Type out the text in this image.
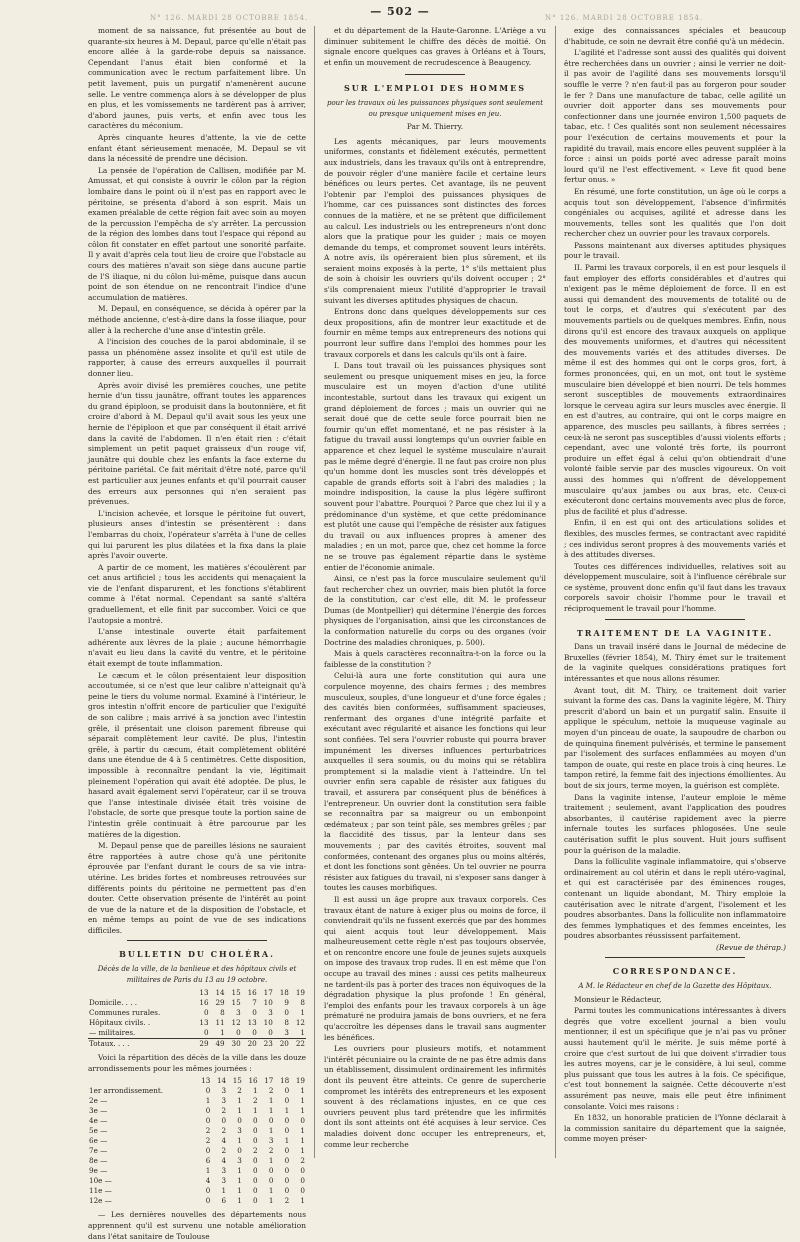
N° 126. MARDI 28 OCTOBRE 1854.	— 502 —	N° 126. MARDI 28 OCTOBRE 1854.

moment de sa naissance, fut présentée au bout de quarante-six heures à M. Depaul, parce qu'elle n'était pas encore allée à la garde-robe depuis sa naissance. Cependant l'anus était bien conformé et la communication avec le rectum parfaitement libre. Un petit lavement, puis un purgatif n'amenèrent aucune selle. Le ventre commença alors à se développer de plus en plus, et les vomissements ne tardèrent pas à arriver, d'abord jaunes, puis verts, et enfin avec tous les caractères du méconium.

Après cinquante heures d'attente, la vie de cette enfant étant sérieusement menacée, M. Depaul se vit dans la nécessité de prendre une décision.

La pensée de l'opération de Callisen, modifiée par M. Amussat, et qui consiste à ouvrir le côlon par la région lombaire dans le point où il n'est pas en rapport avec le péritoine, se présenta d'abord à son esprit. Mais un examen préalable de cette région fait avec soin au moyen de la percussion l'empêcha de s'y arrêter. La percussion de la région des lombes dans tout l'espace qui répond au côlon fit constater en effet partout une sonorité parfaite. Il y avait d'après cela tout lieu de croire que l'obstacle au cours des matières n'avait son siège dans aucune partie de l'S iliaque, ni du côlon lui-même, puisque dans aucun point de son étendue on ne rencontrait l'indice d'une accumulation de matières.

M. Depaul, en conséquence, se décida à opérer par la méthode ancienne, c'est-à-dire dans la fosse iliaque, pour aller à la recherche d'une anse d'intestin grêle.

A l'incision des couches de la paroi abdominale, il se passa un phénomène assez insolite et qu'il est utile de rapporter, à cause des erreurs auxquelles il pourrait donner lieu.

Après avoir divisé les premières couches, une petite hernie d'un tissu jaunâtre, offrant toutes les apparences du grand épiploon, se produisit dans la boutonnière, et fit croire d'abord à M. Depaul qu'il avait sous les yeux une hernie de l'épiploon et que par conséquent il était arrivé dans la cavité de l'abdomen. Il n'en était rien : c'était simplement un petit paquet graisseux d'un rouge vif, jaunâtre qui double chez les enfants la face externe du péritoine pariétal. Ce fait méritait d'être noté, parce qu'il est particulier aux jeunes enfants et qu'il pourrait causer des erreurs aux personnes qui n'en seraient pas prévenues.

L'incision achevée, et lorsque le péritoine fut ouvert, plusieurs anses d'intestin se présentèrent : dans l'embarras du choix, l'opérateur s'arrêta à l'une de celles qui lui parurent les plus dilatées et la fixa dans la plaie après l'avoir ouverte.

A partir de ce moment, les matières s'écoulèrent par cet anus artificiel ; tous les accidents qui menaçaient la vie de l'enfant disparurent, et les fonctions s'établirent comme à l'état normal. Cependant sa santé s'altéra graduellement, et elle finit par succomber. Voici ce que l'autopsie a montré.

L'anse intestinale ouverte était parfaitement adhérente aux lèvres de la plaie ; aucune hémorrhagie n'avait eu lieu dans la cavité du ventre, et le péritoine était exempt de toute inflammation.

Le cæcum et le côlon présentaient leur disposition accoutumée, si ce n'est que leur calibre n'atteignait qu'à peine le tiers du volume normal. Examiné à l'intérieur, le gros intestin n'offrit encore de particulier que l'exiguïté de son calibre ; mais arrivé à sa jonction avec l'intestin grêle, il présentait une cloison parement fibreuse qui séparait complètement leur cavité. De plus, l'intestin grêle, à partir du cæcum, était complètement oblitéré dans une étendue de 4 à 5 centimètres. Cette disposition, impossible à reconnaître pendant la vie, légitimait pleinement l'opération qui avait été adoptée. De plus, le hasard avait également servi l'opérateur, car il se trouva que l'anse intestinale divisée était très voisine de l'obstacle, de sorte que presque toute la portion saine de l'intestin grêle continuait à être parcourue par les matières de la digestion.

M. Depaul pense que de pareilles lésions ne sauraient être rapportées à autre chose qu'à une péritonite éprouvée par l'enfant durant le cours de sa vie intra-utérine. Les brides fortes et nombreuses retrouvées sur différents points du péritoine ne permettent pas d'en douter. Cette observation présente de l'intérêt au point de vue de la nature et de la disposition de l'obstacle, et en même temps au point de vue de ses indications difficiles.

BULLETIN DU CHOLÉRA.
Décès de la ville, de la banlieue et des hôpitaux civils et militaires de Paris du 13 au 19 octobre.
	13	14	15	16	17	18	19
Domicile. . . .	16	29	15	7	10	9	8
Communes rurales.	0	8	3	0	3	0	1
Hôpitaux civils. .	13	11	12	13	10	8	12
— militaires.	0	1	0	0	0	3	1
Totaux. . . .	29	49	30	20	23	20	22

Voici la répartition des décès de la ville dans les douze arrondissements pour les mêmes journées :

	13	14	15	16	17	18	19
1er arrondissement.	0	3	2	1	2	0	1
2e —	1	3	1	2	1	0	1
3e —	0	2	1	1	1	1	1
4e —	0	0	0	0	0	0	0
5e —	2	2	3	0	1	0	1
6e —	2	4	1	0	3	1	1
7e —	0	2	0	2	2	0	1
8e —	6	4	3	0	1	0	2
9e —	1	3	1	0	0	0	0
10e —	4	3	1	0	0	0	0
11e —	0	1	1	0	1	0	0
12e —	0	6	1	0	1	2	1

— Les dernières nouvelles des départements nous apprennent qu'il est survenu une notable amélioration dans l'état sanitaire de Toulouse

et du département de la Haute-Garonne. L'Ariège a vu diminuer subitement le chiffre des décès de moitié. On signale encore quelques cas graves à Orléans et à Tours, et enfin un mouvement de recrudescence à Beaugency.

SUR L'EMPLOI DES HOMMES
pour les travaux où les puissances physiques sont seulement ou presque uniquement mises en jeu.
Par M. Thierry.

Les agents mécaniques, par leurs mouvements uniformes, constants et fidèlement exécutés, permettent aux industriels, dans les travaux qu'ils ont à entreprendre, de pouvoir régler d'une manière facile et certaine leurs bénéfices ou leurs pertes. Cet avantage, ils ne peuvent l'obtenir par l'emploi des puissances physiques de l'homme, car ces puissances sont distinctes des forces connues de la matière, et ne se prêtent que difficilement au calcul. Les industriels ou les entrepreneurs n'ont donc alors que la pratique pour les guider ; mais ce moyen demande du temps, et compromet souvent leurs intérêts. A notre avis, ils opéreraient bien plus sûrement, et ils seraient moins exposés à la perte, 1° s'ils mettaient plus de soin à choisir les ouvriers qu'ils doivent occuper ; 2° s'ils comprenaient mieux l'utilité d'approprier le travail suivant les diverses aptitudes physiques de chacun.

Entrons donc dans quelques développements sur ces deux propositions, afin de montrer leur exactitude et de fournir en même temps aux entrepreneurs des notions qui pourront leur suffire dans l'emploi des hommes pour les travaux corporels et dans les calculs qu'ils ont à faire.

I. Dans tout travail où les puissances physiques sont seulement ou presque uniquement mises en jeu, la force musculaire est un moyen d'action d'une utilité incontestable, surtout dans les travaux qui exigent un grand déploiement de forces ; mais un ouvrier qui ne serait doué que de cette seule force pourrait bien ne fournir qu'un effet momentané, et ne pas résister à la fatigue du travail aussi longtemps qu'un ouvrier faible en apparence et chez lequel le système musculaire n'aurait pas le même degré d'énergie. Il ne faut pas croire non plus qu'un homme dont les muscles sont très développés et capable de grands efforts soit à l'abri des maladies ; la moindre indisposition, la cause la plus légère suffiront souvent pour l'abattre. Pourquoi ? Parce que chez lui il y a prédominance d'un système, et que cette prédominance est plutôt une cause qui l'empêche de résister aux fatigues du travail ou aux influences propres à amener des maladies ; en un mot, parce que, chez cet homme la force ne se trouve pas également répartie dans le système entier de l'économie animale.

Ainsi, ce n'est pas la force musculaire seulement qu'il faut rechercher chez un ouvrier, mais bien plutôt la force de la constitution, car c'est elle, dit M. le professeur Dumas (de Montpellier) qui détermine l'énergie des forces physiques de l'organisation, ainsi que les circonstances de la conformation naturelle du corps ou des organes (voir Doctrine des maladies chroniques, p. 500).

Mais à quels caractères reconnaîtra-t-on la force ou la faiblesse de la constitution ?

Celui-là aura une forte constitution qui aura une corpulence moyenne, des chairs fermes ; des membres musculeux, souples, d'une longueur et d'une force égales ; des cavités bien conformées, suffisamment spacieuses, renfermant des organes d'une intégrité parfaite et exécutant avec régularité et aisance les fonctions qui leur sont confiées. Tel sera l'ouvrier robuste qui pourra braver impunément les diverses influences perturbatrices auxquelles il sera soumis, ou du moins qui se rétablira promptement si la maladie vient à l'atteindre. Un tel ouvrier enfin sera capable de résister aux fatigues du travail, et assurera par conséquent plus de bénéfices à l'entrepreneur. Un ouvrier dont la constitution sera faible se reconnaîtra par sa maigreur ou un embonpoint œdémateux ; par son teint pâle, ses membres grêles ; par la flaccidité des tissus, par la lenteur dans ses mouvements ; par des cavités étroites, souvent mal conformées, contenant des organes plus ou moins altérés, et dont les fonctions sont gênées. Un tel ouvrier ne pourra résister aux fatigues du travail, ni s'exposer sans danger à toutes les causes morbifiques.

Il est aussi un âge propre aux travaux corporels. Ces travaux étant de nature à exiger plus ou moins de force, il conviendrait qu'ils ne fussent exercés que par des hommes qui aient acquis tout leur développement. Mais malheureusement cette règle n'est pas toujours observée, et on rencontre encore une foule de jeunes sujets auxquels on impose des travaux trop rudes. Il en est même que l'on occupe au travail des mines : aussi ces petits malheureux ne tardent-ils pas à porter des traces non équivoques de la dégradation physique la plus profonde ! En général, l'emploi des enfants pour les travaux corporels à un âge prématuré ne produira jamais de bons ouvriers, et ne fera qu'accroître les dépenses dans le travail sans augmenter les bénéfices.

Les ouvriers pour plusieurs motifs, et notamment l'intérêt pécuniaire ou la crainte de ne pas être admis dans un établissement, dissimulent ordinairement les infirmités dont ils peuvent être atteints. Ce genre de supercherie compromet les intérêts des entrepreneurs et les exposent souvent à des réclamations injustes, en ce que ces ouvriers peuvent plus tard prétendre que les infirmités dont ils sont atteints ont été acquises à leur service. Ces maladies doivent donc occuper les entrepreneurs, et, comme leur recherche

exige des connaissances spéciales et beaucoup d'habitude, ce soin ne devrait être confié qu'à un médecin.

L'agilité et l'adresse sont aussi des qualités qui doivent être recherchées dans un ouvrier ; ainsi le verrier ne doit-il pas avoir de l'agilité dans ses mouvements lorsqu'il souffle le verre ? n'en faut-il pas au forgeron pour souder le fer ? Dans une manufacture de tabac, celle agilité un ouvrier doit apporter dans ses mouvements pour confectionner dans une journée environ 1,500 paquets de tabac, etc. ! Ces qualités sont non seulement nécessaires pour l'exécution de certains mouvements et pour la rapidité du travail, mais encore elles peuvent suppléer à la force : ainsi un poids porté avec adresse paraît moins lourd qu'il ne l'est effectivement. « Leve fit quod bene fertur onus. »

En résumé, une forte constitution, un âge où le corps a acquis tout son développement, l'absence d'infirmités congéniales ou acquises, agilité et adresse dans les mouvements, telles sont les qualités que l'on doit rechercher chez un ouvrier pour les travaux corporels.

Passons maintenant aux diverses aptitudes physiques pour le travail.

II. Parmi les travaux corporels, il en est pour lesquels il faut employer des efforts considérables et d'autres qui n'exigent pas le même déploiement de force. Il en est aussi qui demandent des mouvements de totalité ou de tout le corps, et d'autres qui s'exécutent par des mouvements partiels ou de quelques membres. Enfin, nous dirons qu'il est encore des travaux auxquels on applique des mouvements uniformes, et d'autres qui nécessitent des mouvements variés et des attitudes diverses. De même il est des hommes qui ont le corps gros, fort, à formes prononcées, qui, en un mot, ont tout le système musculaire bien développé et bien nourri. De tels hommes seront susceptibles de mouvements extraordinaires lorsque le cerveau agira sur leurs muscles avec énergie. Il en est d'autres, au contraire, qui ont le corps maigre en apparence, des muscles peu saillants, à fibres serrées ; ceux-là ne seront pas susceptibles d'aussi violents efforts ; cependant, avec une volonté très forte, ils pourront produire un effet égal à celui qu'on obtiendrait d'une volonté faible servie par des muscles vigoureux. On voit aussi des hommes qui n'offrent de développement musculaire qu'aux jambes ou aux bras, etc. Ceux-ci exécuteront donc certains mouvements avec plus de force, plus de facilité et plus d'adresse.

Enfin, il en est qui ont des articulations solides et flexibles, des muscles fermes, se contractant avec rapidité ; ces individus seront propres à des mouvements variés et à des attitudes diverses.

Toutes ces différences individuelles, relatives soit au développement musculaire, soit à l'influence cérébrale sur ce système, prouvent donc enfin qu'il faut dans les travaux corporels savoir choisir l'homme pour le travail et réciproquement le travail pour l'homme.

TRAITEMENT DE LA VAGINITE.

Dans un travail inséré dans le Journal de médecine de Bruxelles (février 1854), M. Thiry émet sur le traitement de la vaginite quelques considérations pratiques fort intéressantes et que nous allons résumer.

Avant tout, dit M. Thiry, ce traitement doit varier suivant la forme des cas. Dans la vaginite légère, M. Thiry prescrit d'abord un bain et un purgatif salin. Ensuite il applique le spéculum, nettoie la muqueuse vaginale au moyen d'un pinceau de ouate, la saupoudre de charbon ou de quinquina finement pulvérisés, et termine le pansement par l'isolement des surfaces enflammées au moyen d'un tampon de ouate, qui reste en place trois à cinq heures. Le tampon retiré, la femme fait des injections émollientes. Au bout de six jours, terme moyen, la guérison est complète.

Dans la vaginite intense, l'auteur emploie le même traitement ; seulement, avant l'application des poudres absorbantes, il cautérise rapidement avec la pierre infernale toutes les surfaces phlogosées. Une seule cautérisation suffit le plus souvent. Huit jours suffisent pour la guérison de la maladie.

Dans la folliculite vaginale inflammatoire, qui s'observe ordinairement au col utérin et dans le repli utéro-vaginal, et qui est caractérisée par des éminences rouges, contenant un liquide abondant, M. Thiry emploie la cautérisation avec le nitrate d'argent, l'isolement et les poudres absorbantes. Dans la folliculite non inflammatoire des femmes lymphatiques et des femmes enceintes, les poudres absorbantes réussissent parfaitement.

(Revue de thérap.)

CORRESPONDANCE.
A M. le Rédacteur en chef de la Gazette des Hôpitaux.

Monsieur le Rédacteur,

Parmi toutes les communications intéressantes à divers degrés que votre excellent journal a bien voulu mentionner, il est un spécifique que je n'ai pas vu prôner aussi hautement qu'il le mérite. Je suis même porté à croire que c'est surtout de lui que doivent s'irradier tous les autres moyens, car je le considère, à lui seul, comme plus puissant que tous les autres à la fois. Ce spécifique, c'est tout bonnement la saignée. Cette découverte n'est assurément pas neuve, mais elle peut être infiniment consolante. Voici mes raisons :

En 1832, un honorable praticien de l'Yonne déclarait à la commission sanitaire du département que la saignée, comme moyen préser-
